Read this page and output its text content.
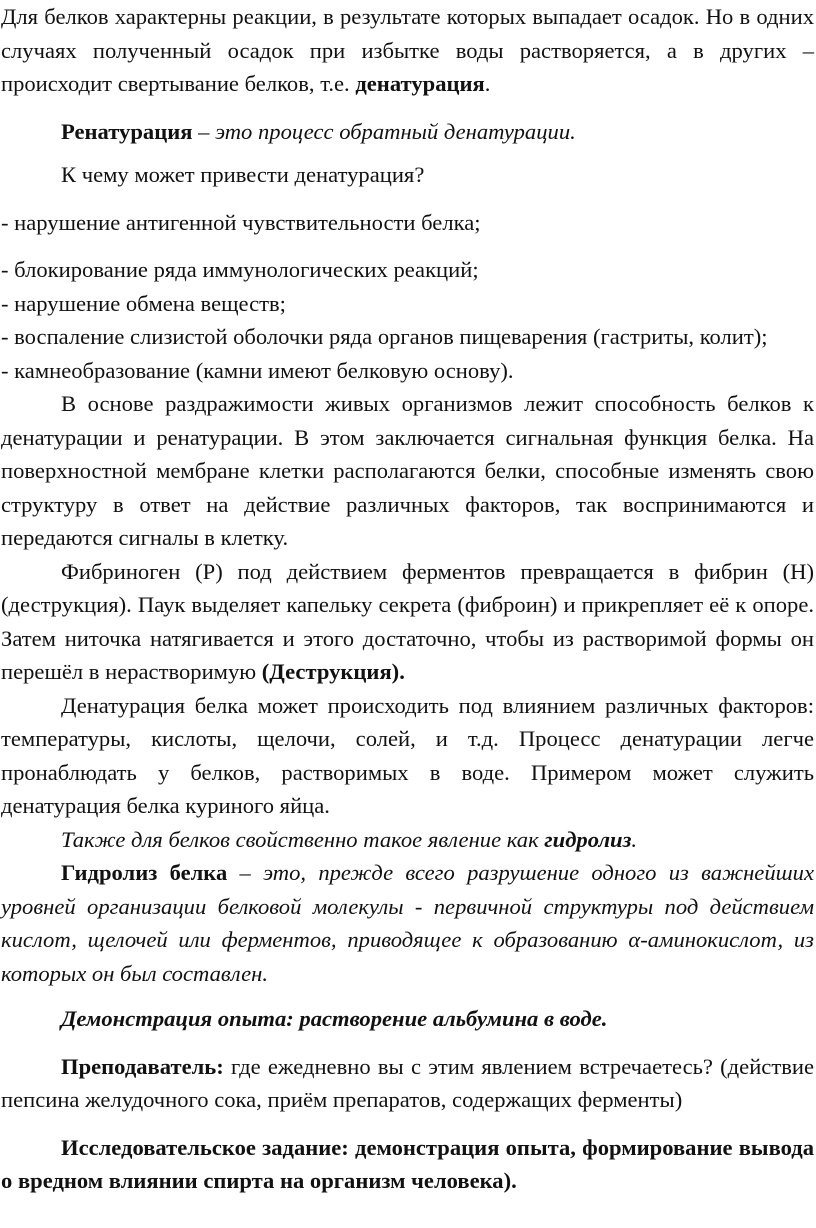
Для белков характерны реакции, в результате которых выпадает осадок. Но в одних случаях полученный осадок при избытке воды растворяется, а в других – происходит свертывание белков, т.е. денатурация.

Ренатурация – это процесс обратный денатурации.

К чему может привести денатурация?

- нарушение антигенной чувствительности белка;

- блокирование ряда иммунологических реакций;

- нарушение обмена веществ;

- воспаление слизистой оболочки ряда органов пищеварения (гастриты, колит);

- камнеобразование (камни имеют белковую основу).

В основе раздражимости живых организмов лежит способность белков к денатурации и ренатурации. В этом заключается сигнальная функция белка. На поверхностной мембране клетки располагаются белки, способные изменять свою структуру в ответ на действие различных факторов, так воспринимаются и передаются сигналы в клетку.

Фибриноген (Р) под действием ферментов превращается в фибрин (Н) (деструкция). Паук выделяет капельку секрета (фиброин) и прикрепляет её к опоре. Затем ниточка натягивается и этого достаточно, чтобы из растворимой формы он перешёл в нерастворимую (Деструкция).

Денатурация белка может происходить под влиянием различных факторов: температуры, кислоты, щелочи, солей, и т.д. Процесс денатурации легче пронаблюдать у белков, растворимых в воде. Примером может служить денатурация белка куриного яйца.

Также для белков свойственно такое явление как гидролиз.

Гидролиз белка – это, прежде всего разрушение одного из важнейших уровней организации белковой молекулы - первичной структуры под действием кислот, щелочей или ферментов, приводящее к образованию α-аминокислот, из которых он был составлен.

Демонстрация опыта: растворение альбумина в воде.

Преподаватель: где ежедневно вы с этим явлением встречаетесь? (действие пепсина желудочного сока, приём препаратов, содержащих ферменты)

Исследовательское задание: демонстрация опыта, формирование вывода о вредном влиянии спирта на организм человека).
